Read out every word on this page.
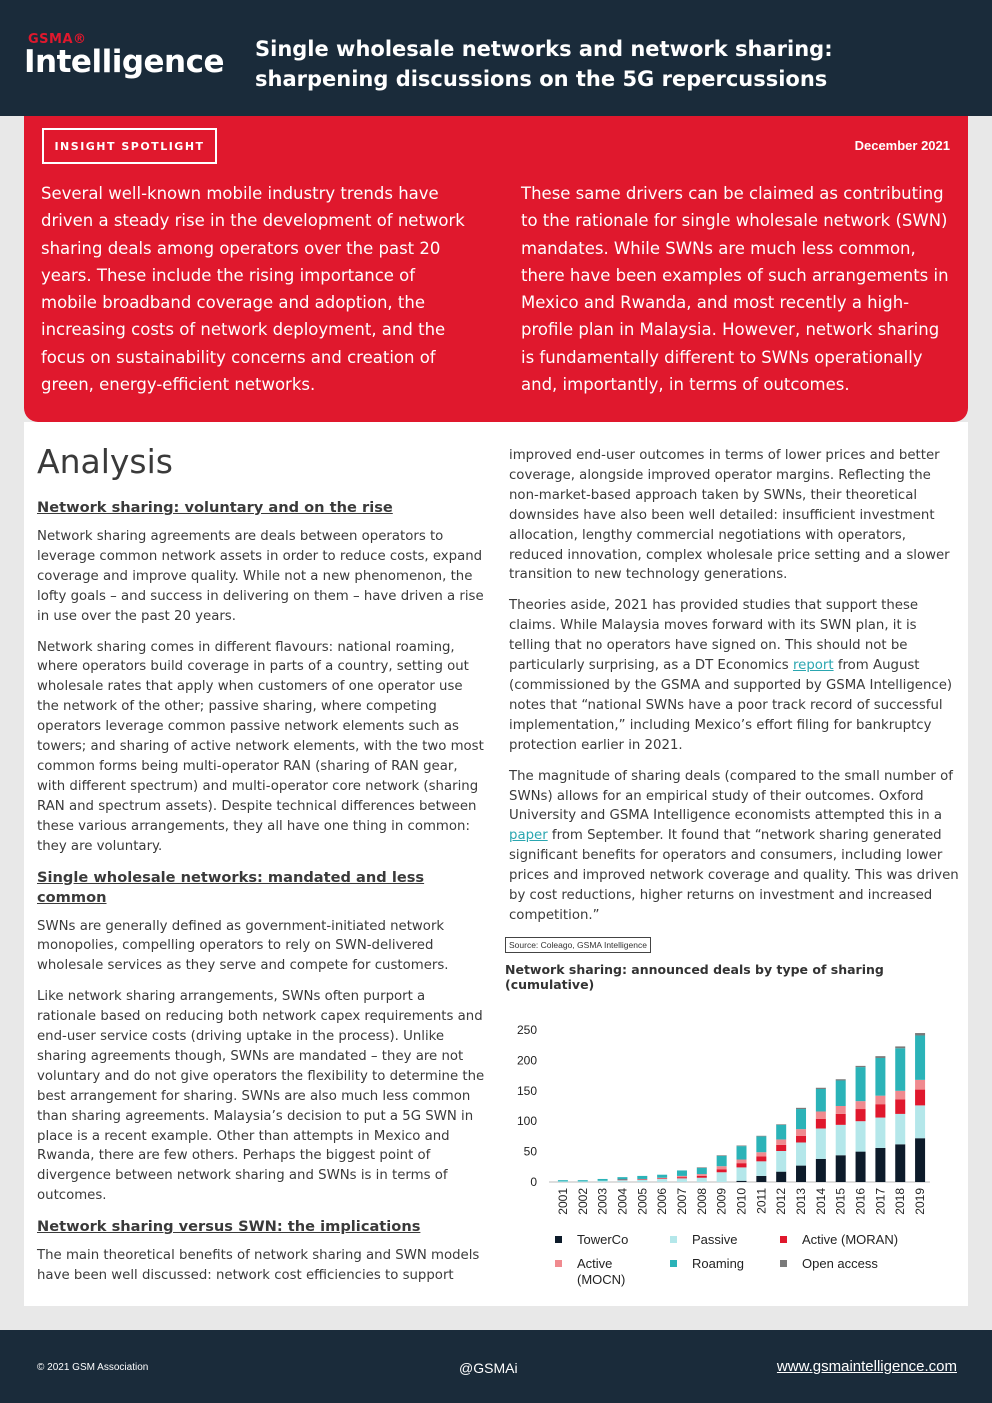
GSMA®
Intelligence Single wholesale networks and network sharing:
sharpening discussions on the 5G repercussions
INSIGHT SPOTLIGHT	December 2021
Several well-known mobile industry trends have driven a steady rise in the development of network sharing deals among operators over the past 20 years. These include the rising importance of mobile broadband coverage and adoption, the increasing costs of network deployment, and the focus on sustainability concerns and creation of green, energy-efficient networks.
These same drivers can be claimed as contributing to the rationale for single wholesale network (SWN) mandates. While SWNs are much less common, there have been examples of such arrangements in Mexico and Rwanda, and most recently a high-profile plan in Malaysia. However, network sharing is fundamentally different to SWNs operationally and, importantly, in terms of outcomes.
Analysis
Network sharing: voluntary and on the rise

Network sharing agreements are deals between operators to leverage common network assets in order to reduce costs, expand coverage and improve quality. While not a new phenomenon, the lofty goals – and success in delivering on them – have driven a rise in use over the past 20 years.

Network sharing comes in different flavours: national roaming, where operators build coverage in parts of a country, setting out wholesale rates that apply when customers of one operator use the network of the other; passive sharing, where competing operators leverage common passive network elements such as towers; and sharing of active network elements, with the two most common forms being multi-operator RAN (sharing of RAN gear, with different spectrum) and multi-operator core network (sharing RAN and spectrum assets). Despite technical differences between these various arrangements, they all have one thing in common: they are voluntary.

Single wholesale networks: mandated and less common

SWNs are generally defined as government-initiated network monopolies, compelling operators to rely on SWN-delivered wholesale services as they serve and compete for customers.

Like network sharing arrangements, SWNs often purport a rationale based on reducing both network capex requirements and end-user service costs (driving uptake in the process). Unlike sharing agreements though, SWNs are mandated – they are not voluntary and do not give operators the flexibility to determine the best arrangement for sharing. SWNs are also much less common than sharing agreements. Malaysia’s decision to put a 5G SWN in place is a recent example. Other than attempts in Mexico and Rwanda, there are few others. Perhaps the biggest point of divergence between network sharing and SWNs is in terms of outcomes.

Network sharing versus SWN: the implications

The main theoretical benefits of network sharing and SWN models have been well discussed: network cost efficiencies to support

improved end-user outcomes in terms of lower prices and better coverage, alongside improved operator margins. Reflecting the non-market-based approach taken by SWNs, their theoretical downsides have also been well detailed: insufficient investment allocation, lengthy commercial negotiations with operators, reduced innovation, complex wholesale price setting and a slower transition to new technology generations.

Theories aside, 2021 has provided studies that support these claims. While Malaysia moves forward with its SWN plan, it is telling that no operators have signed on. This should not be particularly surprising, as a DT Economics report from August (commissioned by the GSMA and supported by GSMA Intelligence) notes that “national SWNs have a poor track record of successful implementation,” including Mexico’s effort filing for bankruptcy protection earlier in 2021.

The magnitude of sharing deals (compared to the small number of SWNs) allows for an empirical study of their outcomes. Oxford University and GSMA Intelligence economists attempted this in a paper from September. It found that “network sharing generated significant benefits for operators and consumers, including lower prices and improved network coverage and quality. This was driven by cost reductions, higher returns on investment and increased competition.”

Source: Coleago, GSMA Intelligence
Network sharing: announced deals by type of sharing (cumulative)
0
50
100
150
200
250
2001 2002 2003 2004 2005 2006 2007 2008 2009 2010 2011 2012 2013 2014 2015 2016 2017 2018 2019
TowerCo	Passive	Active (MORAN)
Active
(MOCN)
Roaming	Open access
© 2021 GSM Association	@GSMAi	www.gsmaintelligence.com
